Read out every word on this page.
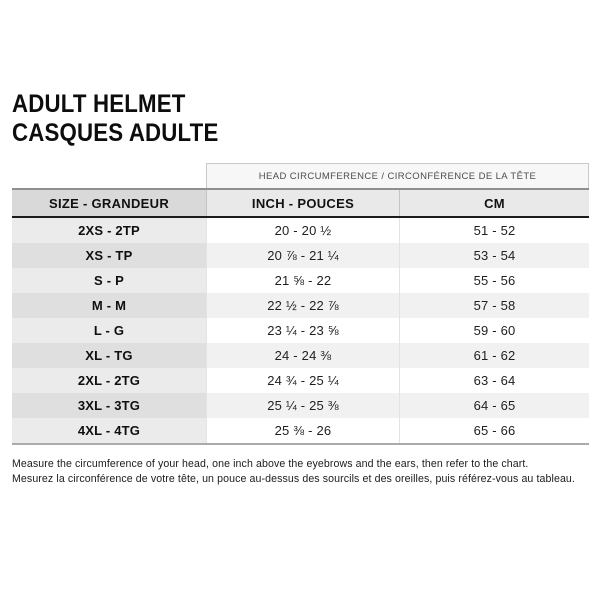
ADULT HELMET
CASQUES ADULTE
HEAD CIRCUMFERENCE / CIRCONFÉRENCE DE LA TÊTE
SIZE - GRANDEUR	INCH - POUCES	CM
2XS - 2TP	20 - 20 ½	51 - 52
XS - TP	20 ⅞ - 21 ¼	53 - 54
S - P	21 ⅝ - 22	55 - 56
M - M	22 ½ - 22 ⅞	57 - 58
L - G	23 ¼ - 23 ⅝	59 - 60
XL - TG	24 - 24 ⅜	61 - 62
2XL - 2TG	24 ¾ - 25 ¼	63 - 64
3XL - 3TG	25 ¼ - 25 ⅜	64 - 65
4XL - 4TG	25 ⅜ - 26	65 - 66
Measure the circumference of your head, one inch above the eyebrows and the ears, then refer to the chart.
Mesurez la circonférence de votre tête, un pouce au-dessus des sourcils et des oreilles, puis référez-vous au tableau.
